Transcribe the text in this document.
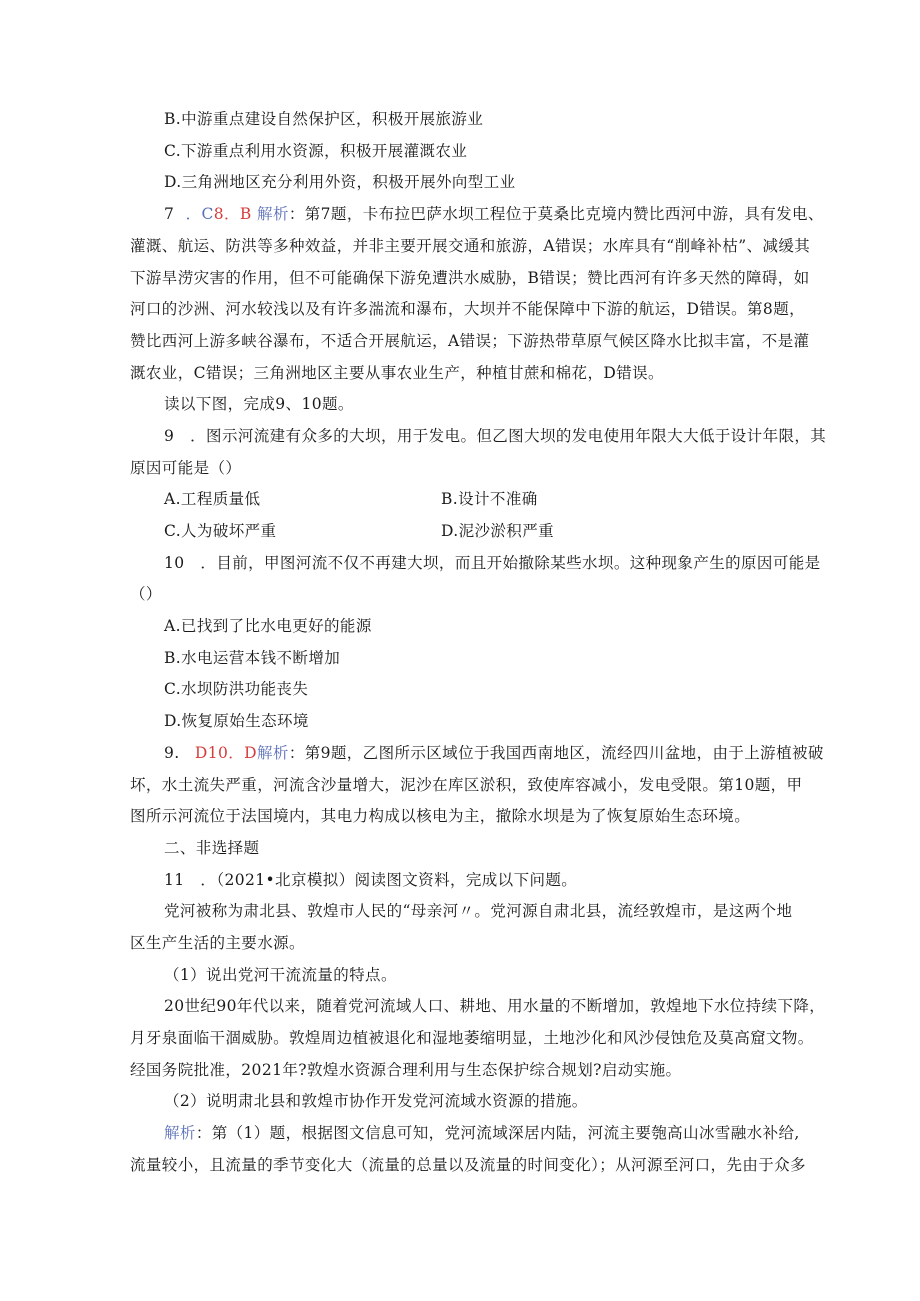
B.中游重点建设自然保护区，积极开展旅游业
C.下游重点利用水资源，积极开展灌溉农业
D.三角洲地区充分利用外资，积极开展外向型工业
7 ．C8．B 解析：第7题，卡布拉巴萨水坝工程位于莫桑比克境内赞比西河中游，具有发电、
灌溉、航运、防洪等多种效益，并非主要开展交通和旅游，A错误；水库具有“削峰补枯”、减缓其
下游旱涝灾害的作用，但不可能确保下游免遭洪水威胁，B错误；赞比西河有许多天然的障碍，如
河口的沙洲、河水较浅以及有许多湍流和瀑布，大坝并不能保障中下游的航运，D错误。第8题，
赞比西河上游多峡谷瀑布，不适合开展航运，A错误；下游热带草原气候区降水比拟丰富，不是灌
溉农业，C错误；三角洲地区主要从事农业生产，种植甘蔗和棉花，D错误。
读以下图，完成9、10题。
9　．图示河流建有众多的大坝，用于发电。但乙图大坝的发电使用年限大大低于设计年限，其
原因可能是（）
A.工程质量低	B.设计不准确
C.人为破坏严重	D.泥沙淤积严重
10　．目前，甲图河流不仅不再建大坝，而且开始撤除某些水坝。这种现象产生的原因可能是
（）
A.已找到了比水电更好的能源
B.水电运营本钱不断增加
C.水坝防洪功能丧失
D.恢复原始生态环境
9. D10．D解析：第9题，乙图所示区域位于我国西南地区，流经四川盆地，由于上游植被破
坏，水土流失严重，河流含沙量增大，泥沙在库区淤积，致使库容减小，发电受限。第10题，甲
图所示河流位于法国境内，其电力构成以核电为主，撤除水坝是为了恢复原始生态环境。
二、非选择题
11　．（2021•北京模拟）阅读图文资料，完成以下问题。
党河被称为肃北县、敦煌市人民的“母亲河〃。党河源自肃北县，流经敦煌市，是这两个地
区生产生活的主要水源。
（1）说出党河干流流量的特点。
20世纪90年代以来，随着党河流域人口、耕地、用水量的不断增加，敦煌地下水位持续下降，
月牙泉面临干涸威胁。敦煌周边植被退化和湿地萎缩明显，土地沙化和风沙侵蚀危及莫高窟文物。
经国务院批准，2021年?敦煌水资源合理利用与生态保护综合规划?启动实施。
（2）说明肃北县和敦煌市协作开发党河流域水资源的措施。
解析：第（1）题，根据图文信息可知，党河流域深居内陆，河流主要匏高山冰雪融水补给,
流量较小，且流量的季节变化大（流量的总量以及流量的时间变化）；从河源至河口，先由于众多
